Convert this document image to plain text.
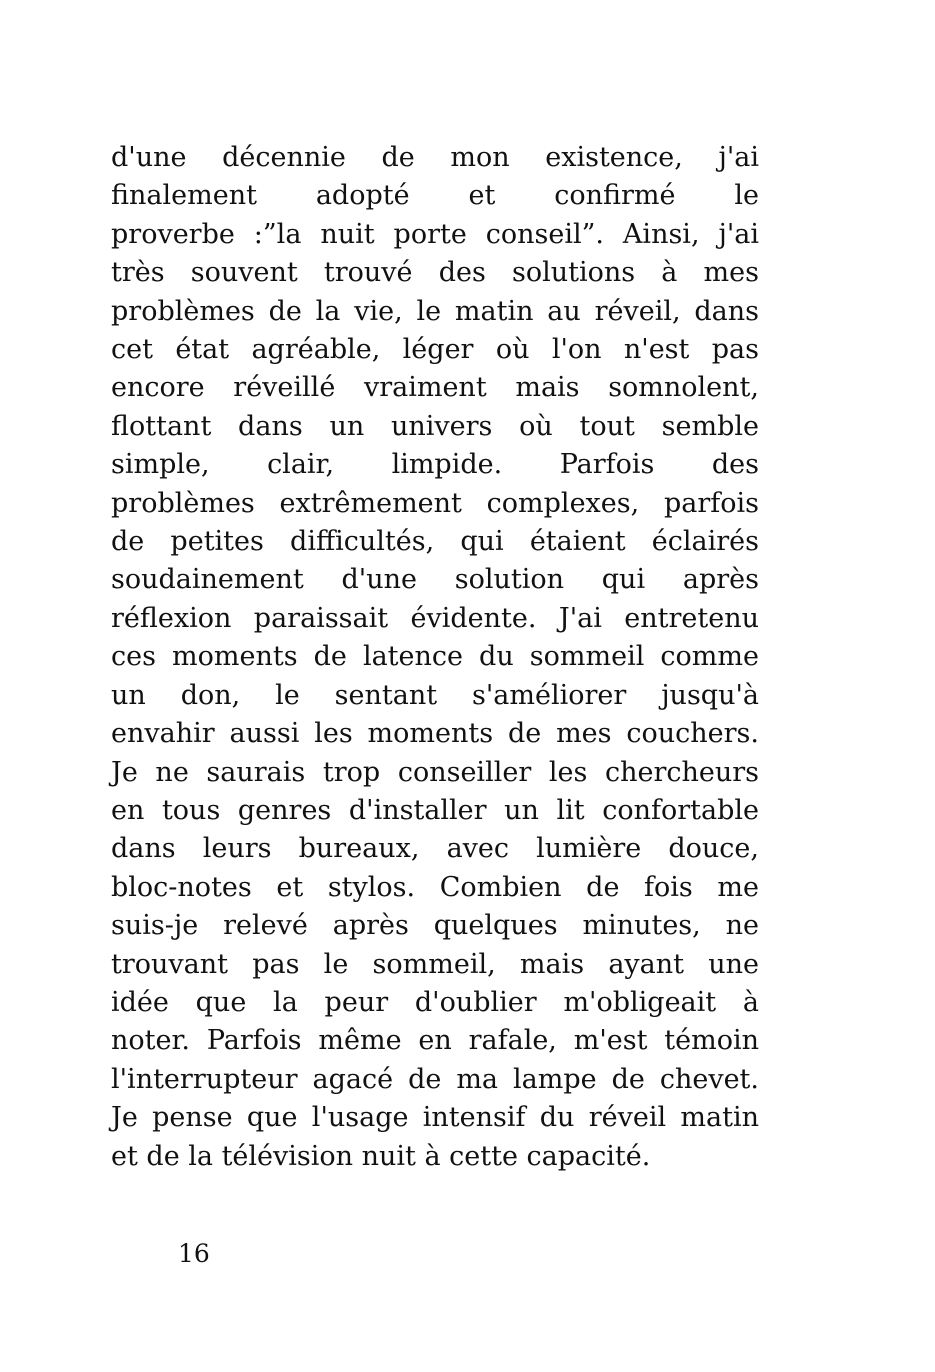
d'une décennie de mon existence, j'ai
finalement adopté et confirmé le
proverbe :”la nuit porte conseil”. Ainsi, j'ai
très souvent trouvé des solutions à mes
problèmes de la vie, le matin au réveil, dans
cet état agréable, léger où l'on n'est pas
encore réveillé vraiment mais somnolent,
flottant dans un univers où tout semble
simple, clair, limpide. Parfois des
problèmes extrêmement complexes, parfois
de petites difficultés, qui étaient éclairés
soudainement d'une solution qui après
réflexion paraissait évidente. J'ai entretenu
ces moments de latence du sommeil comme
un don, le sentant s'améliorer jusqu'à
envahir aussi les moments de mes couchers.
Je ne saurais trop conseiller les chercheurs
en tous genres d'installer un lit confortable
dans leurs bureaux, avec lumière douce,
bloc-notes et stylos. Combien de fois me
suis-je relevé après quelques minutes, ne
trouvant pas le sommeil, mais ayant une
idée que la peur d'oublier m'obligeait à
noter. Parfois même en rafale, m'est témoin
l'interrupteur agacé de ma lampe de chevet.
Je pense que l'usage intensif du réveil matin
et de la télévision nuit à cette capacité.

16
